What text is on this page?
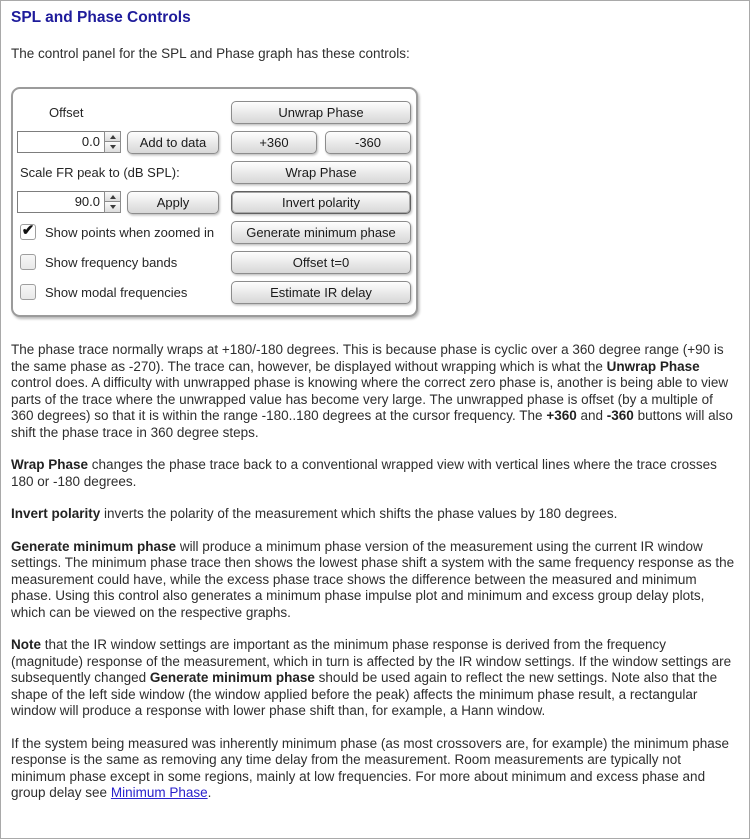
SPL and Phase Controls

The control panel for the SPL and Phase graph has these controls:

Offset
0.0	Add to data
Scale FR peak to (dB SPL):
90.0	Apply
✔
Show points when zoomed in
Show frequency bands
Show modal frequencies
Unwrap Phase
+360	-360
Wrap Phase
Invert polarity
Generate minimum phase
Offset t=0
Estimate IR delay

The phase trace normally wraps at +180/-180 degrees. This is because phase is cyclic over a 360 degree range (+90 is the same phase as -270). The trace can, however, be displayed without wrapping which is what the Unwrap Phase control does. A difficulty with unwrapped phase is knowing where the correct zero phase is, another is being able to view parts of the trace where the unwrapped value has become very large. The unwrapped phase is offset (by a multiple of 360 degrees) so that it is within the range -180..180 degrees at the cursor frequency. The +360 and -360 buttons will also shift the phase trace in 360 degree steps.

Wrap Phase changes the phase trace back to a conventional wrapped view with vertical lines where the trace crosses 180 or -180 degrees.

Invert polarity inverts the polarity of the measurement which shifts the phase values by 180 degrees.

Generate minimum phase will produce a minimum phase version of the measurement using the current IR window settings. The minimum phase trace then shows the lowest phase shift a system with the same frequency response as the measurement could have, while the excess phase trace shows the difference between the measured and minimum phase. Using this control also generates a minimum phase impulse plot and minimum and excess group delay plots, which can be viewed on the respective graphs.

Note that the IR window settings are important as the minimum phase response is derived from the frequency (magnitude) response of the measurement, which in turn is affected by the IR window settings. If the window settings are subsequently changed Generate minimum phase should be used again to reflect the new settings. Note also that the shape of the left side window (the window applied before the peak) affects the minimum phase result, a rectangular window will produce a response with lower phase shift than, for example, a Hann window.

If the system being measured was inherently minimum phase (as most crossovers are, for example) the minimum phase response is the same as removing any time delay from the measurement. Room measurements are typically not minimum phase except in some regions, mainly at low frequencies. For more about minimum and excess phase and group delay see Minimum Phase.
